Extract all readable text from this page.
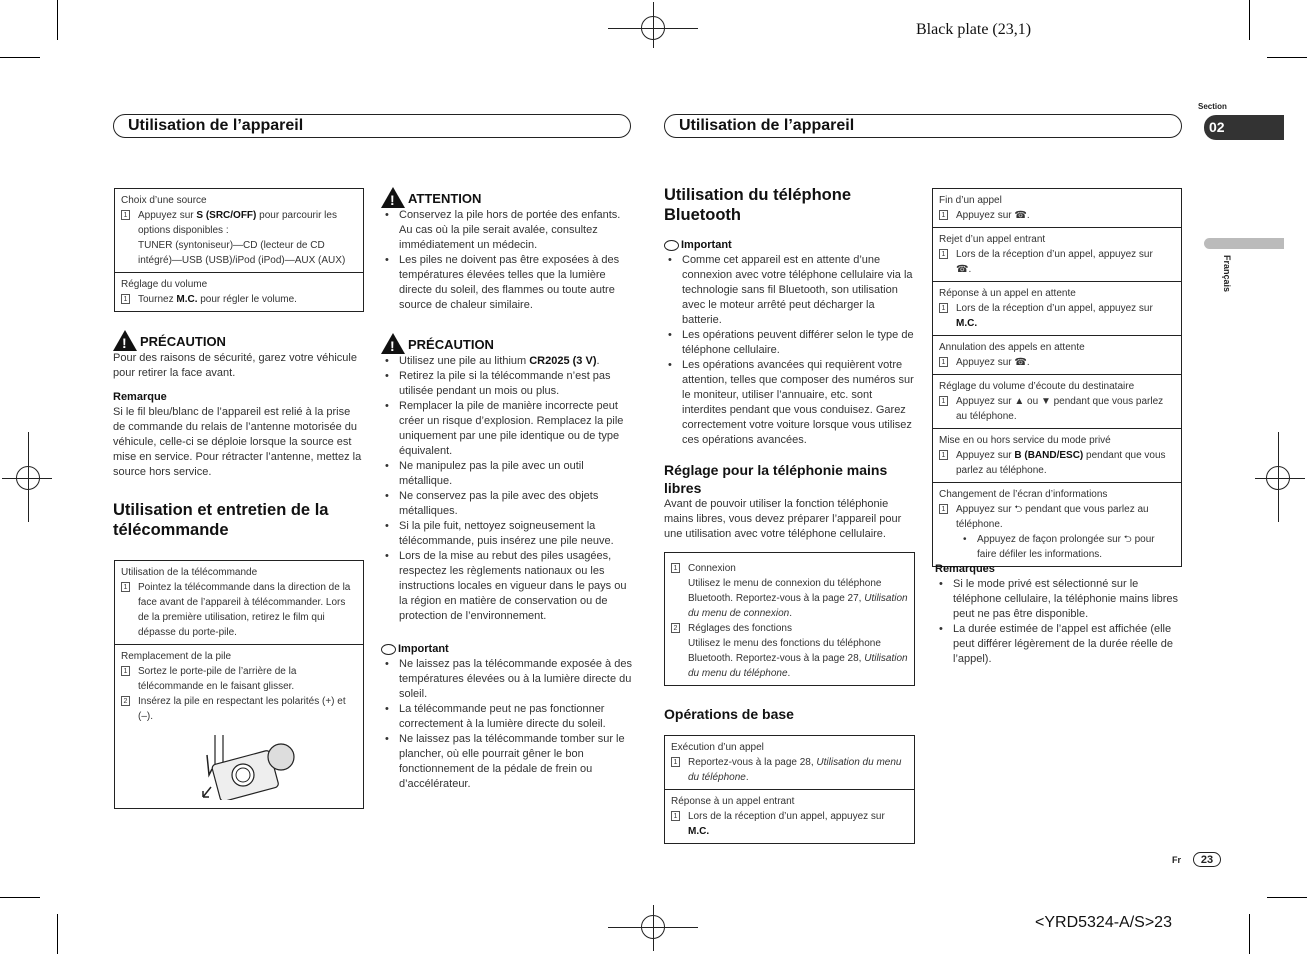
Black plate (23,1)
<YRD5324-A/S>23
Section
02
Français
Utilisation de l’appareil	Utilisation de l’appareil
Choix d’une source
1 Appuyez sur S (SRC/OFF) pour parcourir les options disponibles :
TUNER (syntoniseur)—CD (lecteur de CD intégré)—USB (USB)/iPod (iPod)—AUX (AUX)
Réglage du volume
1 Tournez M.C. pour régler le volume.
!PRÉCAUTION
Pour des raisons de sécurité, garez votre véhicule pour retirer la face avant.
Remarque
Si le fil bleu/blanc de l’appareil est relié à la prise de commande du relais de l’antenne motorisée du véhicule, celle-ci se déploie lorsque la source est mise en service. Pour rétracter l’antenne, mettez la source hors service.
Utilisation et entretien de la télécommande
Utilisation de la télécommande
1 Pointez la télécommande dans la direction de la face avant de l’appareil à télécommander. Lors de la première utilisation, retirez le film qui dépasse du porte-pile.
Remplacement de la pile
1 Sortez le porte-pile de l’arrière de la télécommande en le faisant glisser.
2 Insérez la pile en respectant les polarités (+) et (–).
!ATTENTION
• Conservez la pile hors de portée des enfants. Au cas où la pile serait avalée, consultez immédiatement un médecin.
• Les piles ne doivent pas être exposées à des températures élevées telles que la lumière directe du soleil, des flammes ou toute autre source de chaleur similaire.
!PRÉCAUTION
• Utilisez une pile au lithium CR2025 (3 V).
• Retirez la pile si la télécommande n’est pas utilisée pendant un mois ou plus.
• Remplacer la pile de manière incorrecte peut créer un risque d’explosion. Remplacez la pile uniquement par une pile identique ou de type équivalent.
• Ne manipulez pas la pile avec un outil métallique.
• Ne conservez pas la pile avec des objets métalliques.
• Si la pile fuit, nettoyez soigneusement la télécommande, puis insérez une pile neuve.
• Lors de la mise au rebut des piles usagées, respectez les règlements nationaux ou les instructions locales en vigueur dans le pays ou la région en matière de conservation ou de protection de l’environnement.
Important
• Ne laissez pas la télécommande exposée à des températures élevées ou à la lumière directe du soleil.
• La télécommande peut ne pas fonctionner correctement à la lumière directe du soleil.
• Ne laissez pas la télécommande tomber sur le plancher, où elle pourrait gêner le bon fonctionnement de la pédale de frein ou d’accélérateur.
Utilisation du téléphone Bluetooth
Important
• Comme cet appareil est en attente d’une connexion avec votre téléphone cellulaire via la technologie sans fil Bluetooth, son utilisation avec le moteur arrêté peut décharger la batterie.
• Les opérations peuvent différer selon le type de téléphone cellulaire.
• Les opérations avancées qui requièrent votre attention, telles que composer des numéros sur le moniteur, utiliser l’annuaire, etc. sont interdites pendant que vous conduisez. Garez correctement votre voiture lorsque vous utilisez ces opérations avancées.
Réglage pour la téléphonie mains libres
Avant de pouvoir utiliser la fonction téléphonie mains libres, vous devez préparer l’appareil pour une utilisation avec votre téléphone cellulaire.
1 Connexion
Utilisez le menu de connexion du téléphone Bluetooth. Reportez-vous à la page 27, Utilisation du menu de connexion.
2 Réglages des fonctions
Utilisez le menu des fonctions du téléphone Bluetooth. Reportez-vous à la page 28, Utilisation du menu du téléphone.
Opérations de base
Exécution d’un appel
1 Reportez-vous à la page 28, Utilisation du menu du téléphone.
Réponse à un appel entrant
1 Lors de la réception d’un appel, appuyez sur
M.C.
Fin d’un appel
1 Appuyez sur ☎.
Rejet d’un appel entrant
1 Lors de la réception d’un appel, appuyez sur
☎.
Réponse à un appel en attente
1 Lors de la réception d’un appel, appuyez sur
M.C.
Annulation des appels en attente
1 Appuyez sur ☎.
Réglage du volume d’écoute du destinataire
1 Appuyez sur ▲ ou ▼ pendant que vous parlez au téléphone.
Mise en ou hors service du mode privé
1 Appuyez sur B (BAND/ESC) pendant que vous parlez au téléphone.
Changement de l’écran d’informations
1 Appuyez sur ⮌ pendant que vous parlez au téléphone.
• Appuyez de façon prolongée sur ⮌ pour faire défiler les informations.
Remarques
• Si le mode privé est sélectionné sur le téléphone cellulaire, la téléphonie mains libres peut ne pas être disponible.
• La durée estimée de l’appel est affichée (elle peut différer légèrement de la durée réelle de l’appel).
Fr	23
